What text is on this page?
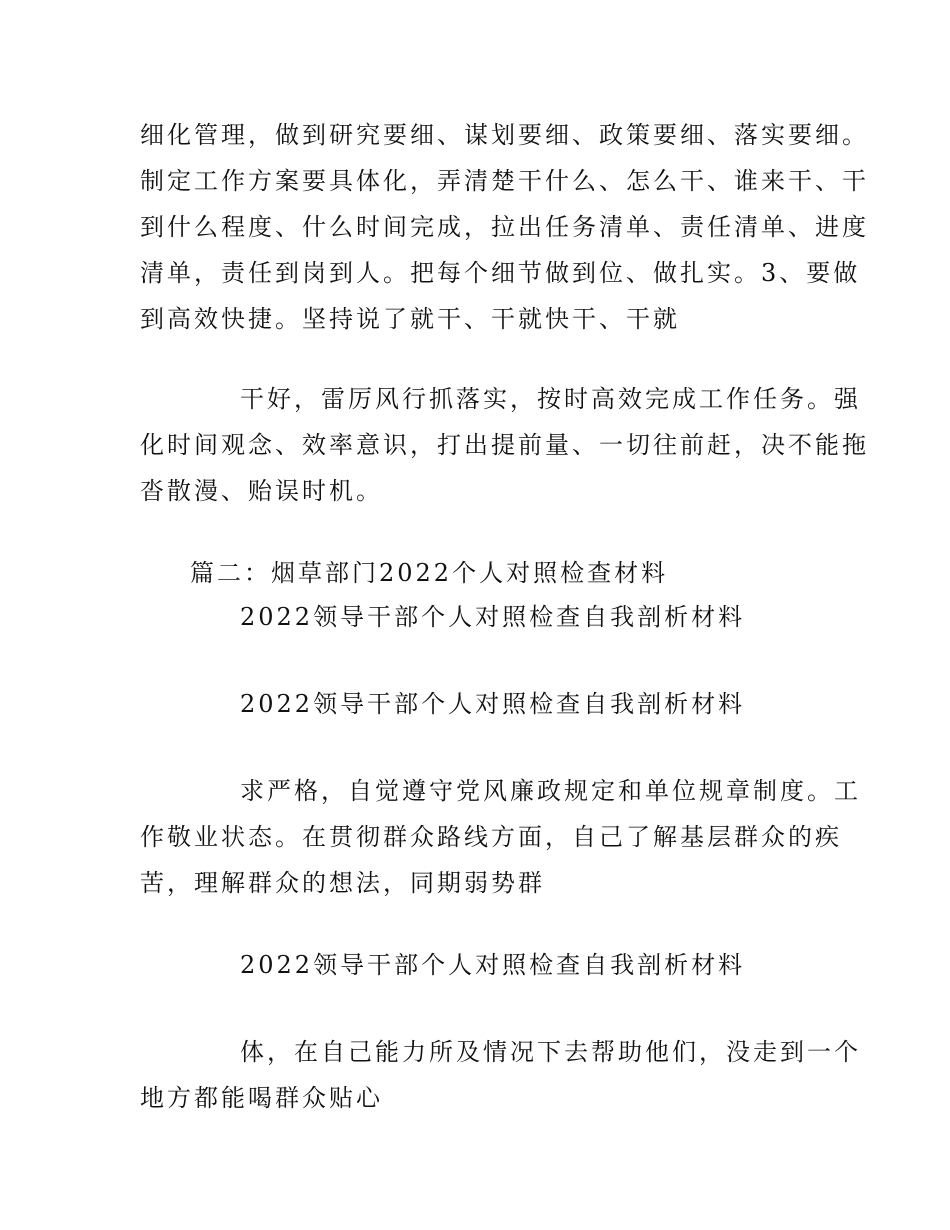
细化管理，做到研究要细、谋划要细、政策要细、落实要细。
制定工作方案要具体化，弄清楚干什么、怎么干、谁来干、干
到什么程度、什么时间完成，拉出任务清单、责任清单、进度
清单，责任到岗到人。把每个细节做到位、做扎实。3、要做
到高效快捷。坚持说了就干、干就快干、干就
干好，雷厉风行抓落实，按时高效完成工作任务。强
化时间观念、效率意识，打出提前量、一切往前赶，决不能拖
沓散漫、贻误时机。
篇二：烟草部门2022个人对照检查材料
2022领导干部个人对照检查自我剖析材料
2022领导干部个人对照检查自我剖析材料
求严格，自觉遵守党风廉政规定和单位规章制度。工
作敬业状态。在贯彻群众路线方面，自己了解基层群众的疾
苦，理解群众的想法，同期弱势群
2022领导干部个人对照检查自我剖析材料
体，在自己能力所及情况下去帮助他们，没走到一个
地方都能喝群众贴心
